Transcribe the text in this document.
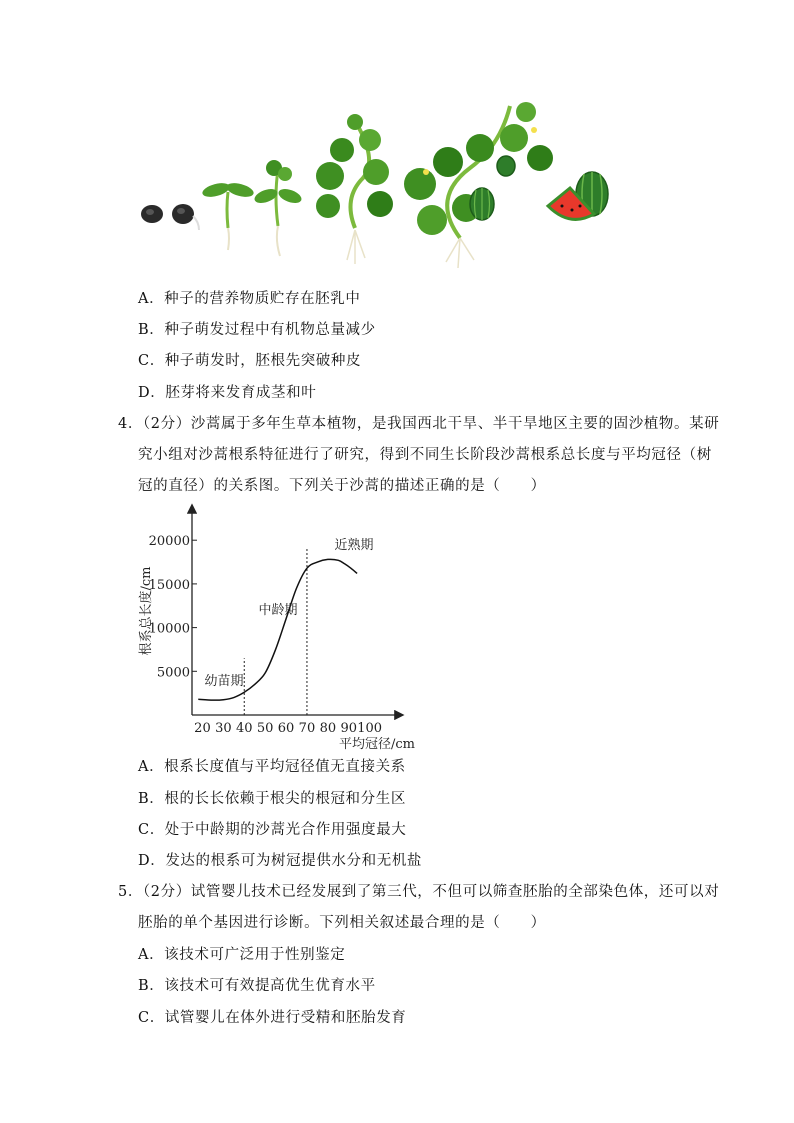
A．种子的营养物质贮存在胚乳中
B．种子萌发过程中有机物总量减少
C．种子萌发时，胚根先突破种皮
D．胚芽将来发育成茎和叶
4．（2分）沙蒿属于多年生草本植物，是我国西北干旱、半干旱地区主要的固沙植物。某研
究小组对沙蒿根系特征进行了研究，得到不同生长阶段沙蒿根系总长度与平均冠径（树
冠的直径）的关系图。下列关于沙蒿的描述正确的是（　　）
20 30 40 50 60 70 80 90 100
5000
10000
15000
20000
根系总长度/cm
平均冠径/cm
幼苗期
中龄期
近熟期
A．根系长度值与平均冠径值无直接关系
B．根的长长依赖于根尖的根冠和分生区
C．处于中龄期的沙蒿光合作用强度最大
D．发达的根系可为树冠提供水分和无机盐
5．（2分）试管婴儿技术已经发展到了第三代，不但可以筛查胚胎的全部染色体，还可以对
胚胎的单个基因进行诊断。下列相关叙述最合理的是（　　）
A．该技术可广泛用于性别鉴定
B．该技术可有效提高优生优育水平
C．试管婴儿在体外进行受精和胚胎发育
